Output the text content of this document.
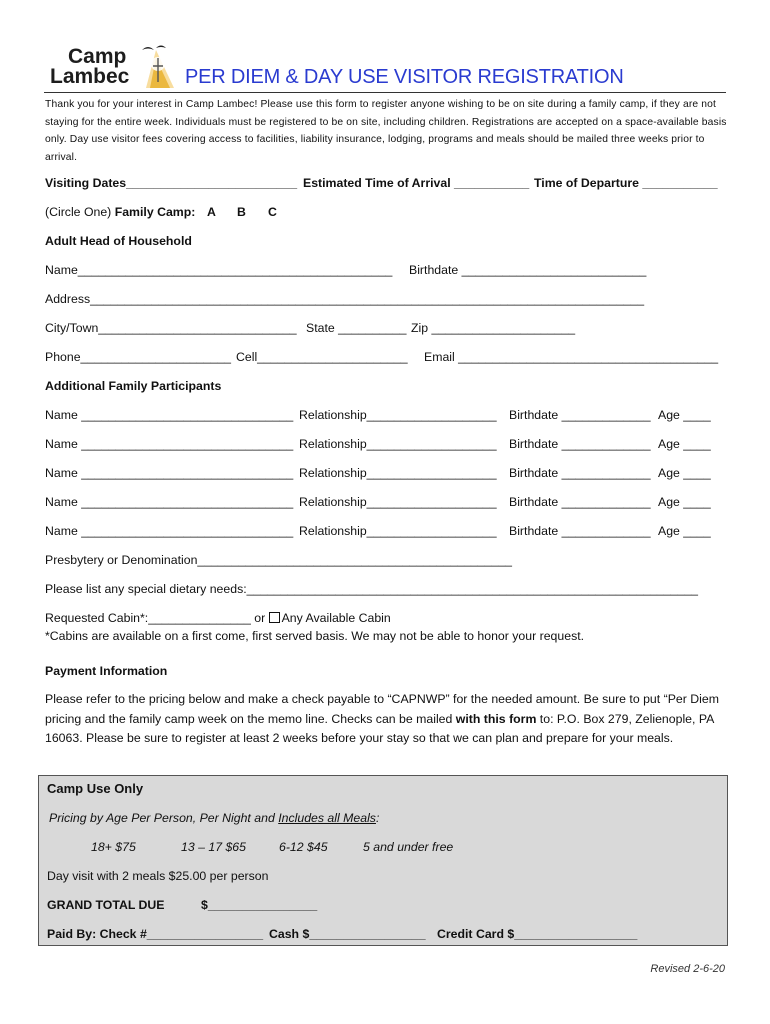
Camp
Lambec	PER DIEM & DAY USE VISITOR REGISTRATION
Thank you for your interest in Camp Lambec! Please use this form to register anyone wishing to be on site during a family camp, if they are not staying for the entire week. Individuals must be registered to be on site, including children. Registrations are accepted on a space-available basis only. Day use visitor fees covering access to facilities, liability insurance, lodging, programs and meals should be mailed three weeks prior to arrival.
Visiting Dates_________________________ Estimated Time of Arrival ___________ Time of Departure ___________
(Circle One) Family Camp: A B C
Adult Head of Household
Name______________________________________________ Birthdate ___________________________
Address_________________________________________________________________________________
City/Town_____________________________ State __________ Zip _____________________
Phone______________________ Cell______________________ Email ______________________________________
Additional Family Participants
Name _______________________________ Relationship___________________ Birthdate _____________ Age ____
Name _______________________________ Relationship___________________ Birthdate _____________ Age ____
Name _______________________________ Relationship___________________ Birthdate _____________ Age ____
Name _______________________________ Relationship___________________ Birthdate _____________ Age ____
Name _______________________________ Relationship___________________ Birthdate _____________ Age ____
Presbytery or Denomination______________________________________________
Please list any special dietary needs:__________________________________________________________________
Requested Cabin*:_______________ or Any Available Cabin
*Cabins are available on a first come, first served basis. We may not be able to honor your request.
Payment Information
Please refer to the pricing below and make a check payable to “CAPNWP” for the needed amount. Be sure to put “Per Diem pricing and the family camp week on the memo line. Checks can be mailed with this form to: P.O. Box 279, Zelienople, PA 16063. Please be sure to register at least 2 weeks before your stay so that we can plan and prepare for your meals.
Camp Use Only
Pricing by Age Per Person, Per Night and Includes all Meals:
18+ $75	13 – 17 $65	6-12 $45	5 and under free
Day visit with 2 meals $25.00 per person
GRAND TOTAL DUE	$________________
Paid By: Check #_________________ Cash $_________________ Credit Card $__________________
Revised 2-6-20
